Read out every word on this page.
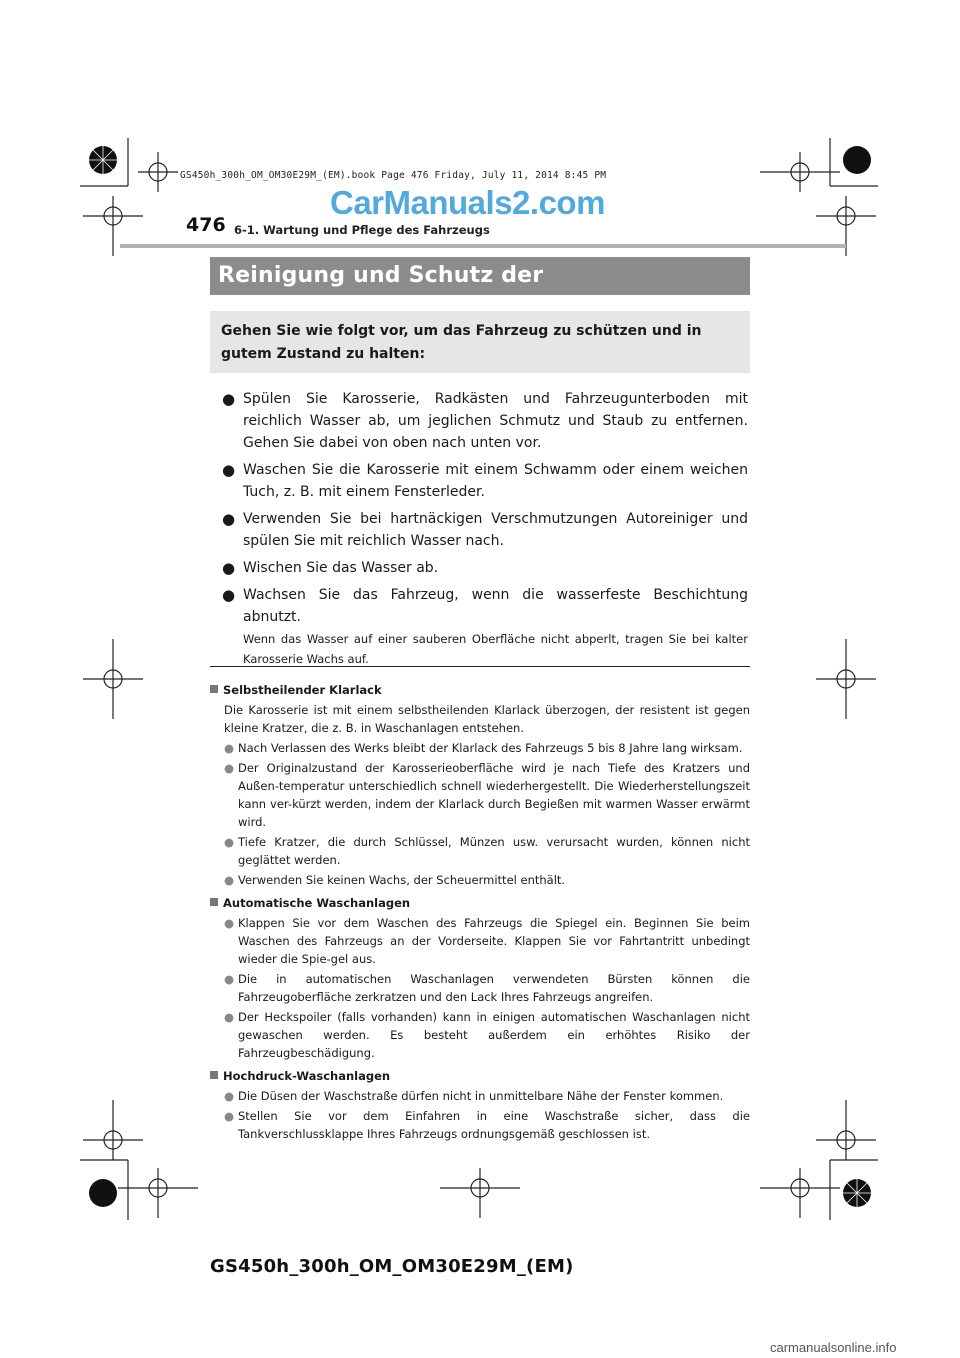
GS450h_300h_OM_OM30E29M_(EM).book Page 476 Friday, July 11, 2014 8:45 PM
CarManuals2.com
476 6-1. Wartung und Pflege des Fahrzeugs
Reinigung und Schutz der
Gehen Sie wie folgt vor, um das Fahrzeug zu schützen und in gutem Zustand zu halten:
● Spülen Sie Karosserie, Radkästen und Fahrzeugunterboden mit reichlich Wasser ab, um jeglichen Schmutz und Staub zu entfernen. Gehen Sie dabei von oben nach unten vor.
● Waschen Sie die Karosserie mit einem Schwamm oder einem weichen Tuch, z. B. mit einem Fensterleder.
● Verwenden Sie bei hartnäckigen Verschmutzungen Autoreiniger und spülen Sie mit reichlich Wasser nach.
● Wischen Sie das Wasser ab.
● Wachsen Sie das Fahrzeug, wenn die wasserfeste Beschichtung abnutzt.
Wenn das Wasser auf einer sauberen Oberfläche nicht abperlt, tragen Sie bei kalter Karosserie Wachs auf.
Selbstheilender Klarlack
Die Karosserie ist mit einem selbstheilenden Klarlack überzogen, der resistent ist gegen kleine Kratzer, die z. B. in Waschanlagen entstehen.
● Nach Verlassen des Werks bleibt der Klarlack des Fahrzeugs 5 bis 8 Jahre lang wirksam.
● Der Originalzustand der Karosserieoberfläche wird je nach Tiefe des Kratzers und Außen-temperatur unterschiedlich schnell wiederhergestellt. Die Wiederherstellungszeit kann ver-kürzt werden, indem der Klarlack durch Begießen mit warmen Wasser erwärmt wird.
● Tiefe Kratzer, die durch Schlüssel, Münzen usw. verursacht wurden, können nicht geglättet werden.
● Verwenden Sie keinen Wachs, der Scheuermittel enthält.
Automatische Waschanlagen
● Klappen Sie vor dem Waschen des Fahrzeugs die Spiegel ein. Beginnen Sie beim Waschen des Fahrzeugs an der Vorderseite. Klappen Sie vor Fahrtantritt unbedingt wieder die Spie-gel aus.
● Die in automatischen Waschanlagen verwendeten Bürsten können die Fahrzeugoberfläche zerkratzen und den Lack Ihres Fahrzeugs angreifen.
● Der Heckspoiler (falls vorhanden) kann in einigen automatischen Waschanlagen nicht gewaschen werden. Es besteht außerdem ein erhöhtes Risiko der Fahrzeugbeschädigung.
Hochdruck-Waschanlagen
● Die Düsen der Waschstraße dürfen nicht in unmittelbare Nähe der Fenster kommen.
● Stellen Sie vor dem Einfahren in eine Waschstraße sicher, dass die Tankverschlussklappe Ihres Fahrzeugs ordnungsgemäß geschlossen ist.
GS450h_300h_OM_OM30E29M_(EM)
carmanualsonline.info
